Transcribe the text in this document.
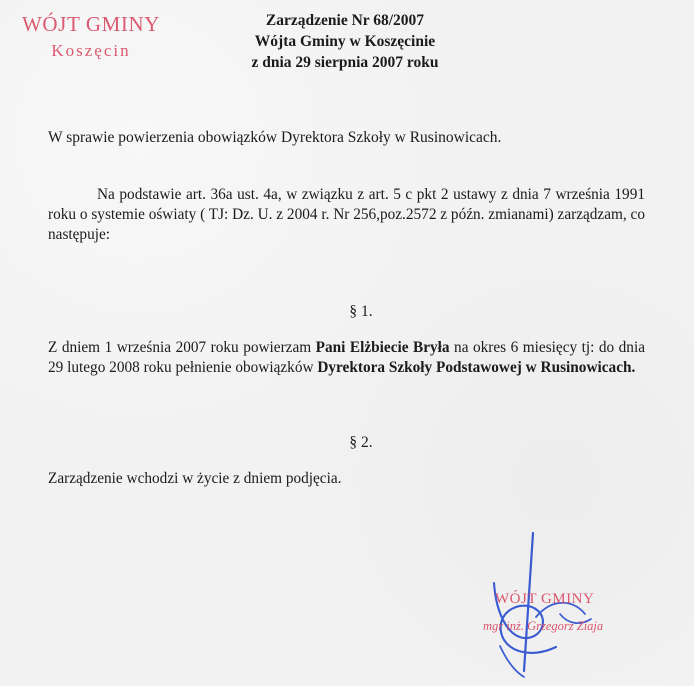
WÓJT GMINY
Koszęcin
Zarządzenie Nr 68/2007
Wójta Gminy w Koszęcinie
z dnia 29 sierpnia 2007 roku
W sprawie powierzenia obowiązków Dyrektora Szkoły w Rusinowicach.
Na podstawie art. 36a ust. 4a, w związku z art. 5 c pkt 2 ustawy z dnia 7 września 1991 roku o systemie oświaty ( TJ: Dz. U. z 2004 r. Nr 256,poz.2572 z późn. zmianami) zarządzam, co następuje:
§ 1.
Z dniem 1 września 2007 roku powierzam Pani Elżbiecie Bryła na okres 6 miesięcy tj: do dnia 29 lutego 2008 roku pełnienie obowiązków Dyrektora Szkoły Podstawowej w Rusinowicach.
§ 2.
Zarządzenie wchodzi w życie z dniem podjęcia.
WÓJT GMINY
mgr inż. Grzegorz Ziaja
